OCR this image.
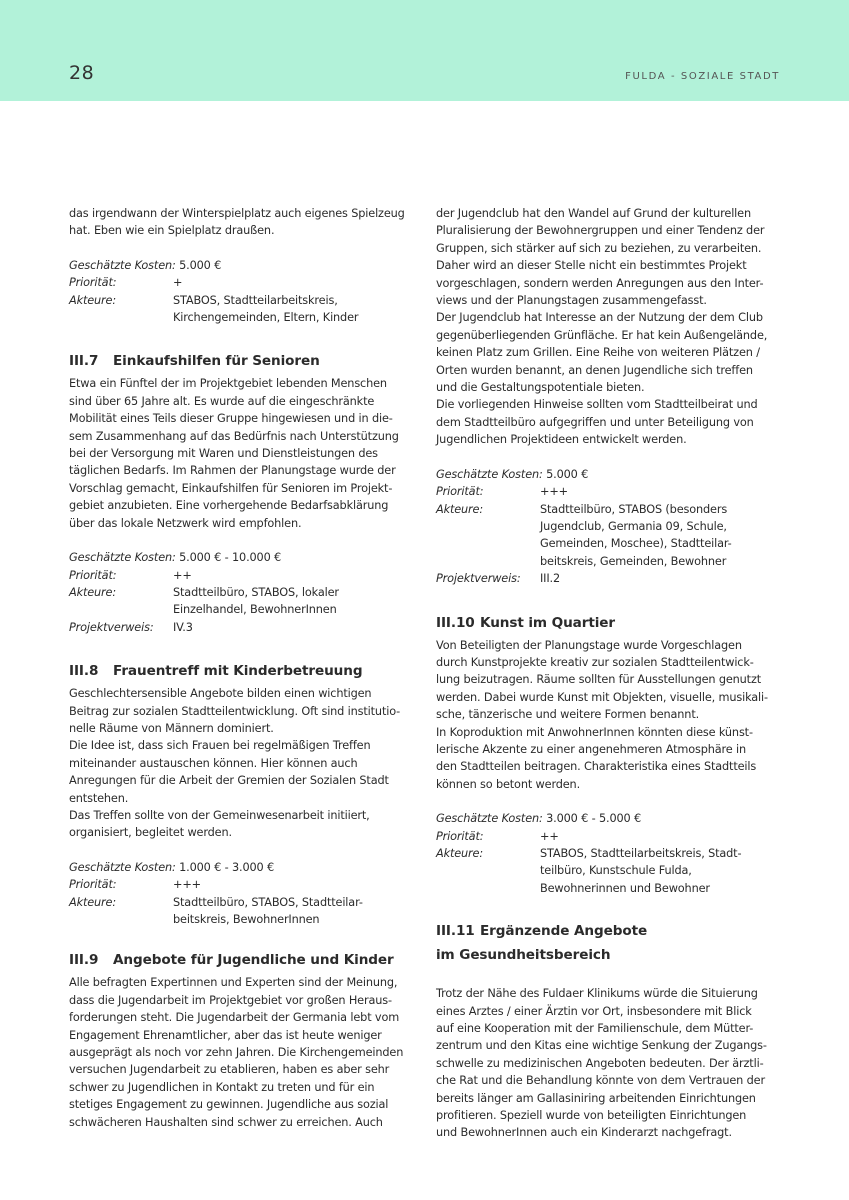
28	FULDA - SOZIALE STADT

das irgendwann der Winterspielplatz auch eigenes Spielzeug

hat. Eben wie ein Spielplatz draußen.

Geschätzte Kosten: 5.000 €

Priorität:	+
Akteure:	STABOS, Stadtteilarbeitskreis,
Kirchengemeinden, Eltern, Kinder
III.7 Einkaufshilfen für Senioren

Etwa ein Fünftel der im Projektgebiet lebenden Menschen
sind über 65 Jahre alt. Es wurde auf die eingeschränkte
Mobilität eines Teils dieser Gruppe hingewiesen und in die-
sem Zusammenhang auf das Bedürfnis nach Unterstützung
bei der Versorgung mit Waren und Dienstleistungen des
täglichen Bedarfs. Im Rahmen der Planungstage wurde der
Vorschlag gemacht, Einkaufshilfen für Senioren im Projekt-
gebiet anzubieten. Eine vorhergehende Bedarfsabklärung
über das lokale Netzwerk wird empfohlen.

Geschätzte Kosten: 5.000 € - 10.000 €

Priorität:	++
Akteure:	Stadtteilbüro, STABOS, lokaler
Einzelhandel, BewohnerInnen
Projektverweis:	IV.3
III.8 Frauentreff mit Kinderbetreuung

Geschlechtersensible Angebote bilden einen wichtigen
Beitrag zur sozialen Stadtteilentwicklung. Oft sind institutio-
nelle Räume von Männern dominiert.
Die Idee ist, dass sich Frauen bei regelmäßigen Treffen
miteinander austauschen können. Hier können auch
Anregungen für die Arbeit der Gremien der Sozialen Stadt
entstehen.
Das Treffen sollte von der Gemeinwesenarbeit initiiert,
organisiert, begleitet werden.

Geschätzte Kosten: 1.000 € - 3.000 €

Priorität:	+++
Akteure:	Stadtteilbüro, STABOS, Stadtteilar-
beitskreis, BewohnerInnen
III.9 Angebote für Jugendliche und Kinder

Alle befragten Expertinnen und Experten sind der Meinung,
dass die Jugendarbeit im Projektgebiet vor großen Heraus-
forderungen steht. Die Jugendarbeit der Germania lebt vom
Engagement Ehrenamtlicher, aber das ist heute weniger
ausgeprägt als noch vor zehn Jahren. Die Kirchengemeinden
versuchen Jugendarbeit zu etablieren, haben es aber sehr
schwer zu Jugendlichen in Kontakt zu treten und für ein
stetiges Engagement zu gewinnen. Jugendliche aus sozial
schwächeren Haushalten sind schwer zu erreichen. Auch

der Jugendclub hat den Wandel auf Grund der kulturellen
Pluralisierung der Bewohnergruppen und einer Tendenz der
Gruppen, sich stärker auf sich zu beziehen, zu verarbeiten.
Daher wird an dieser Stelle nicht ein bestimmtes Projekt
vorgeschlagen, sondern werden Anregungen aus den Inter-
views und der Planungstagen zusammengefasst.
Der Jugendclub hat Interesse an der Nutzung der dem Club
gegenüberliegenden Grünfläche. Er hat kein Außengelände,
keinen Platz zum Grillen. Eine Reihe von weiteren Plätzen /
Orten wurden benannt, an denen Jugendliche sich treffen
und die Gestaltungspotentiale bieten.
Die vorliegenden Hinweise sollten vom Stadtteilbeirat und
dem Stadtteilbüro aufgegriffen und unter Beteiligung von
Jugendlichen Projektideen entwickelt werden.

Geschätzte Kosten: 5.000 €

Priorität:	+++
Akteure:	Stadtteilbüro, STABOS (besonders
Jugendclub, Germania 09, Schule,
Gemeinden, Moschee), Stadtteilar-
beitskreis, Gemeinden, Bewohner
Projektverweis:	III.2
III.10 Kunst im Quartier

Von Beteiligten der Planungstage wurde Vorgeschlagen
durch Kunstprojekte kreativ zur sozialen Stadtteilentwick-
lung beizutragen. Räume sollten für Ausstellungen genutzt
werden. Dabei wurde Kunst mit Objekten, visuelle, musikali-
sche, tänzerische und weitere Formen benannt.
In Koproduktion mit AnwohnerInnen könnten diese künst-
lerische Akzente zu einer angenehmeren Atmosphäre in
den Stadtteilen beitragen. Charakteristika eines Stadtteils
können so betont werden.

Geschätzte Kosten: 3.000 € - 5.000 €

Priorität:	++
Akteure:	STABOS, Stadtteilarbeitskreis, Stadt-
teilbüro, Kunstschule Fulda,
Bewohnerinnen und Bewohner
III.11 Ergänzende Angebote
im Gesundheitsbereich

Trotz der Nähe des Fuldaer Klinikums würde die Situierung
eines Arztes / einer Ärztin vor Ort, insbesondere mit Blick
auf eine Kooperation mit der Familienschule, dem Mütter-
zentrum und den Kitas eine wichtige Senkung der Zugangs-
schwelle zu medizinischen Angeboten bedeuten. Der ärztli-
che Rat und die Behandlung könnte von dem Vertrauen der
bereits länger am Gallasiniring arbeitenden Einrichtungen
profitieren. Speziell wurde von beteiligten Einrichtungen
und BewohnerInnen auch ein Kinderarzt nachgefragt.
